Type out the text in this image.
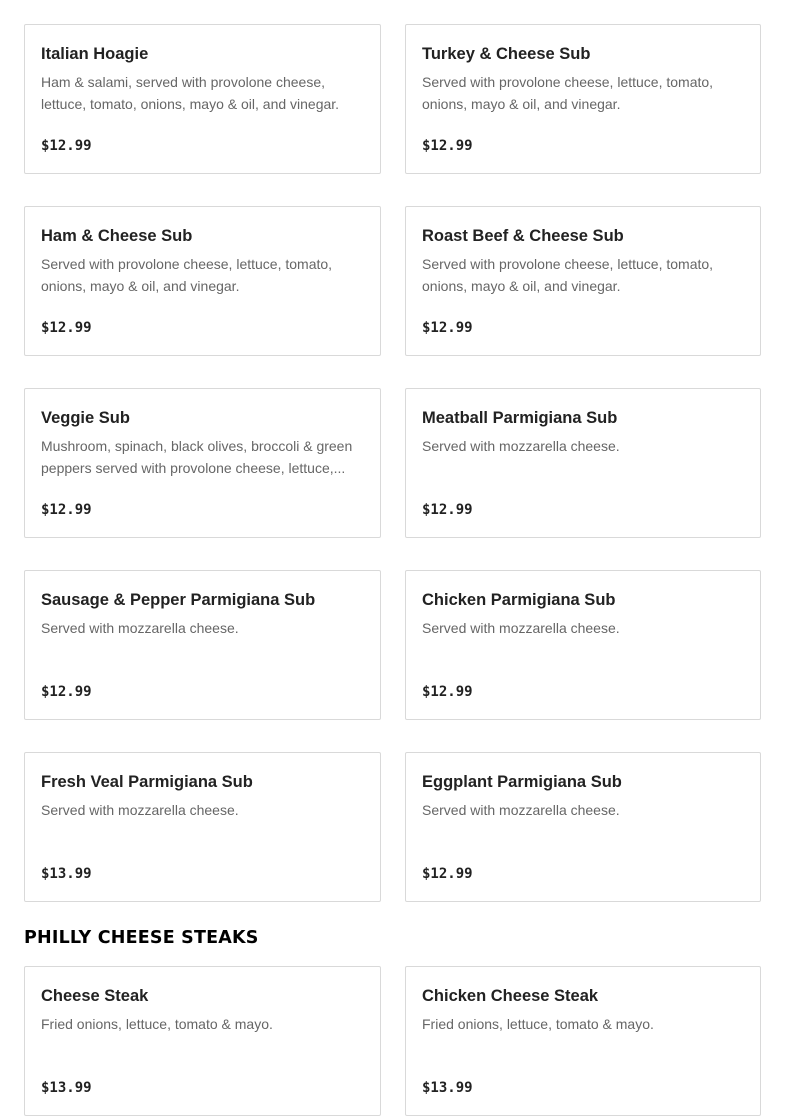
Italian Hoagie
Ham & salami, served with provolone cheese, lettuce, tomato, onions, mayo & oil, and vinegar.
$12.99
Turkey & Cheese Sub
Served with provolone cheese, lettuce, tomato, onions, mayo & oil, and vinegar.
$12.99
Ham & Cheese Sub
Served with provolone cheese, lettuce, tomato, onions, mayo & oil, and vinegar.
$12.99
Roast Beef & Cheese Sub
Served with provolone cheese, lettuce, tomato, onions, mayo & oil, and vinegar.
$12.99
Veggie Sub
Mushroom, spinach, black olives, broccoli & green peppers served with provolone cheese, lettuce,...
$12.99
Meatball Parmigiana Sub
Served with mozzarella cheese.
$12.99
Sausage & Pepper Parmigiana Sub
Served with mozzarella cheese.
$12.99
Chicken Parmigiana Sub
Served with mozzarella cheese.
$12.99
Fresh Veal Parmigiana Sub
Served with mozzarella cheese.
$13.99
Eggplant Parmigiana Sub
Served with mozzarella cheese.
$12.99
PHILLY CHEESE STEAKS
Cheese Steak
Fried onions, lettuce, tomato & mayo.
$13.99
Chicken Cheese Steak
Fried onions, lettuce, tomato & mayo.
$13.99
